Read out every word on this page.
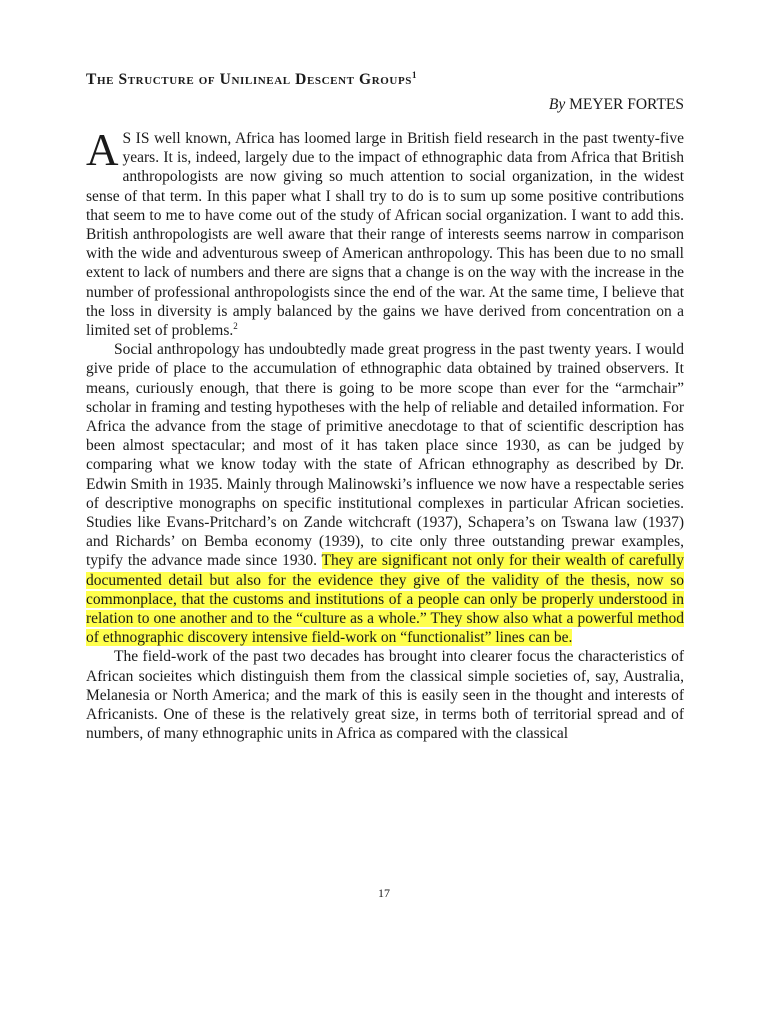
The Structure of Unilineal Descent Groups$^1$
By MEYER FORTES

A S IS well known, Africa has loomed large in British field research in the past twenty-five years. It is, indeed, largely due to the impact of ethnographic data from Africa that British anthropologists are now giving so much attention to social organization, in the widest sense of that term. In this paper what I shall try to do is to sum up some positive contributions that seem to me to have come out of the study of African social organization. I want to add this. British anthropologists are well aware that their range of interests seems narrow in comparison with the wide and adventurous sweep of American anthropology. This has been due to no small extent to lack of numbers and there are signs that a change is on the way with the increase in the number of professional anthropologists since the end of the war. At the same time, I believe that the loss in diversity is amply balanced by the gains we have derived from concentration on a limited set of problems.$^2$

Social anthropology has undoubtedly made great progress in the past twenty years. I would give pride of place to the accumulation of ethnographic data obtained by trained observers. It means, curiously enough, that there is going to be more scope than ever for the “armchair” scholar in framing and testing hypotheses with the help of reliable and detailed information. For Africa the advance from the stage of primitive anecdotage to that of scientific description has been almost spectacular; and most of it has taken place since 1930, as can be judged by comparing what we know today with the state of African ethnography as described by Dr. Edwin Smith in 1935. Mainly through Malinowski’s influence we now have a respectable series of descriptive monographs on specific institutional complexes in particular African societies. Studies like Evans-Pritchard’s on Zande witchcraft (1937), Schapera’s on Tswana law (1937) and Richards’ on Bemba economy (1939), to cite only three outstanding prewar examples, typify the advance made since 1930. They are significant not only for their wealth of carefully documented detail but also for the evidence they give of the validity of the thesis, now so commonplace, that the customs and institutions of a people can only be properly understood in relation to one another and to the “culture as a whole.” They show also what a powerful method of ethnographic discovery intensive field-work on “functionalist” lines can be.

The field-work of the past two decades has brought into clearer focus the characteristics of African socieites which distinguish them from the classical simple societies of, say, Australia, Melanesia or North America; and the mark of this is easily seen in the thought and interests of Africanists. One of these is the relatively great size, in terms both of territorial spread and of numbers, of many ethnographic units in Africa as compared with the classical

17
